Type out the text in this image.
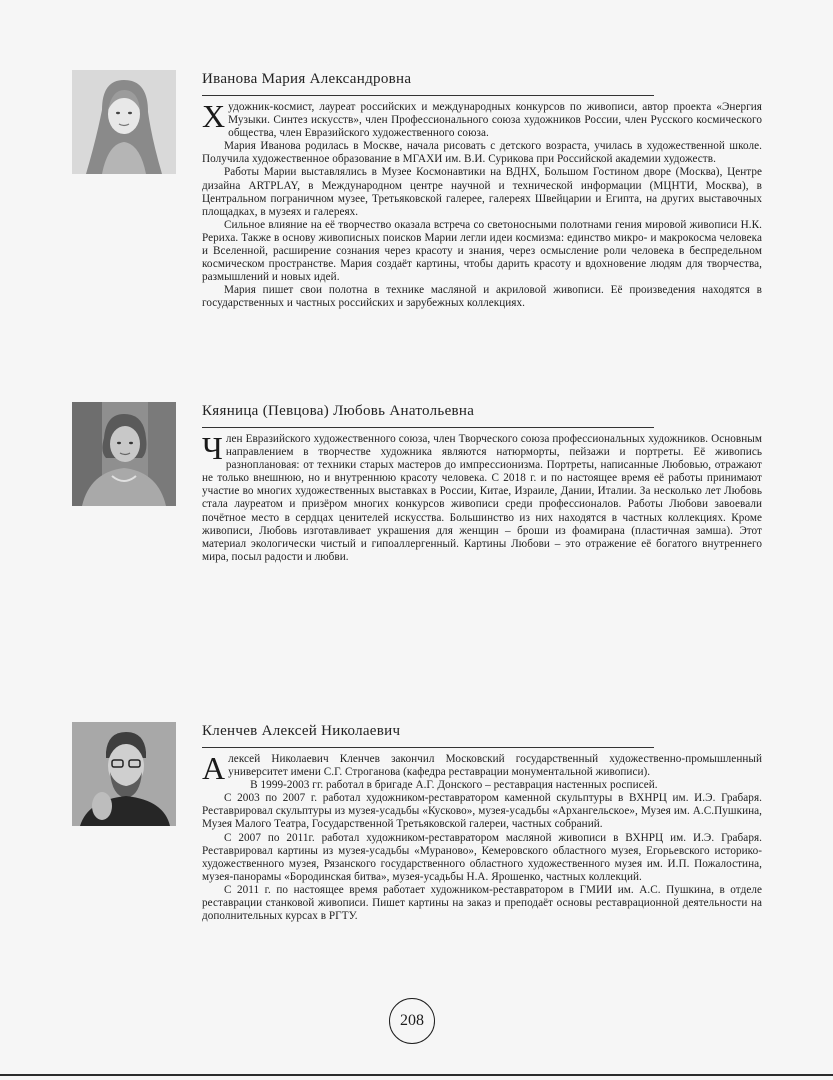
Иванова Мария Александровна

Художник-космист, лауреат российских и международных конкурсов по живописи, автор проекта «Энергия Музыки. Синтез искусств», член Профессионального союза художников России, член Русского космического общества, член Евразийского художественного союза.

Мария Иванова родилась в Москве, начала рисовать с детского возраста, училась в художественной школе. Получила художественное образование в МГАХИ им. В.И. Сурикова при Российской академии художеств.

Работы Марии выставлялись в Музее Космонавтики на ВДНХ, Большом Гостином дворе (Москва), Центре дизайна ARTPLAY, в Международном центре научной и технической информации (МЦНТИ, Москва), в Центральном пограничном музее, Третьяковской галерее, галереях Швейцарии и Египта, на других выставочных площадках, в музеях и галереях.

Сильное влияние на её творчество оказала встреча со светоносными полотнами гения мировой живописи Н.К. Рериха. Также в основу живописных поисков Марии легли идеи космизма: единство микро- и макрокосма человека и Вселенной, расширение сознания через красоту и знания, через осмысление роли человека в беспредельном космическом пространстве. Мария создаёт картины, чтобы дарить красоту и вдохновение людям для творчества, размышлений и новых идей.

Мария пишет свои полотна в технике масляной и акриловой живописи. Её произведения находятся в государственных и частных российских и зарубежных коллекциях.

Кяяница (Певцова) Любовь Анатольевна

Член Евразийского художественного союза, член Творческого союза профессиональных художников. Основным направлением в творчестве художника являются натюрморты, пейзажи и портреты. Её живопись разноплановая: от техники старых мастеров до импрессионизма. Портреты, написанные Любовью, отражают не только внешнюю, но и внутреннюю красоту человека. С 2018 г. и по настоящее время её работы принимают участие во многих художественных выставках в России, Китае, Израиле, Дании, Италии. За несколько лет Любовь стала лауреатом и призёром многих конкурсов живописи среди профессионалов. Работы Любови завоевали почётное место в сердцах ценителей искусства. Большинство из них находятся в частных коллекциях. Кроме живописи, Любовь изготавливает украшения для женщин – броши из фоамирана (пластичная замша). Этот материал экологически чистый и гипоаллергенный. Картины Любови – это отражение её богатого внутреннего мира, посыл радости и любви.

Кленчев Алексей Николаевич

Алексей Николаевич Кленчев закончил Московский государственный художественно-промышленный университет имени С.Г. Строганова (кафедра реставрации монументальной живописи).

В 1999-2003 гг. работал в бригаде А.Г. Донского – реставрация настенных росписей.

С 2003 по 2007 г. работал художником-реставратором каменной скульптуры в ВХНРЦ им. И.Э. Грабаря. Реставрировал скульптуры из музея-усадьбы «Кусково», музея-усадьбы «Архангельское», Музея им. А.С.Пушкина, Музея Малого Театра, Государственной Третьяковской галереи, частных собраний.

С 2007 по 2011г. работал художником-реставратором масляной живописи в ВХНРЦ им. И.Э. Грабаря. Реставрировал картины из музея-усадьбы «Мураново», Кемеровского областного музея, Егорьевского историко-художественного музея, Рязанского государственного областного художественного музея им. И.П. Пожалостина, музея-панорамы «Бородинская битва», музея-усадьбы Н.А. Ярошенко, частных коллекций.

С 2011 г. по настоящее время работает художником-реставратором в ГМИИ им. А.С. Пушкина, в отделе реставрации станковой живописи. Пишет картины на заказ и преподаёт основы реставрационной деятельности на дополнительных курсах в РГТУ.

208
